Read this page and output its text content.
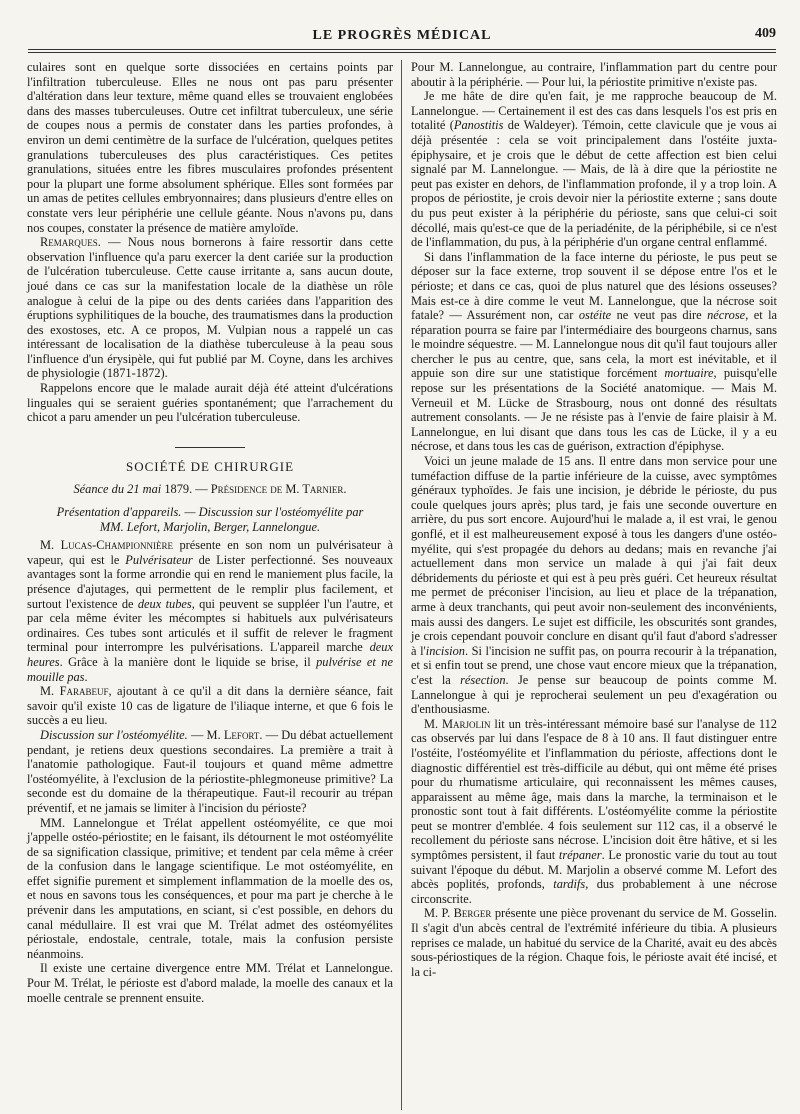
LE PROGRÈS MÉDICAL	409

culaires sont en quelque sorte dissociées en certains points par l'infiltration tuberculeuse. Elles ne nous ont pas paru présenter d'altération dans leur texture, même quand elles se trouvaient englobées dans des masses tuberculeuses. Outre cet infiltrat tuberculeux, une série de coupes nous a permis de constater dans les parties profondes, à environ un demi centimètre de la surface de l'ulcération, quelques petites granulations tuberculeuses des plus caractéristiques. Ces petites granulations, situées entre les fibres musculaires profondes présentent pour la plupart une forme absolument sphérique. Elles sont formées par un amas de petites cellules embryonnaires; dans plusieurs d'entre elles on constate vers leur périphérie une cellule géante. Nous n'avons pu, dans nos coupes, constater la présence de matière amyloïde.

Remarques. — Nous nous bornerons à faire ressortir dans cette observation l'influence qu'a paru exercer la dent cariée sur la production de l'ulcération tuberculeuse. Cette cause irritante a, sans aucun doute, joué dans ce cas sur la manifestation locale de la diathèse un rôle analogue à celui de la pipe ou des dents cariées dans l'apparition des éruptions syphilitiques de la bouche, des traumatismes dans la production des exostoses, etc. A ce propos, M. Vulpian nous a rappelé un cas intéressant de localisation de la diathèse tuberculeuse à la peau sous l'influence d'un érysipèle, qui fut publié par M. Coyne, dans les archives de physiologie (1871-1872).

Rappelons encore que le malade aurait déjà été atteint d'ulcérations linguales qui se seraient guéries spontanément; que l'arrachement du chicot a paru amender un peu l'ulcération tuberculeuse.

SOCIÉTÉ DE CHIRURGIE
Séance du 21 mai 1879. — Présidence de M. Tarnier.
Présentation d'appareils. — Discussion sur l'ostéomyélite par
MM. Lefort, Marjolin, Berger, Lannelongue.

M. Lucas-Championnière présente en son nom un pulvérisateur à vapeur, qui est le Pulvérisateur de Lister perfectionné. Ses nouveaux avantages sont la forme arrondie qui en rend le maniement plus facile, la présence d'ajutages, qui permettent de le remplir plus facilement, et surtout l'existence de deux tubes, qui peuvent se suppléer l'un l'autre, et par cela même éviter les mécomptes si habituels aux pulvérisateurs ordinaires. Ces tubes sont articulés et il suffit de relever le fragment terminal pour interrompre les pulvérisations. L'appareil marche deux heures. Grâce à la manière dont le liquide se brise, il pulvérise et ne mouille pas.

M. Farabeuf, ajoutant à ce qu'il a dit dans la dernière séance, fait savoir qu'il existe 10 cas de ligature de l'iliaque interne, et que 6 fois le succès a eu lieu.

Discussion sur l'ostéomyélite. — M. Lefort. — Du débat actuellement pendant, je retiens deux questions secondaires. La première a trait à l'anatomie pathologique. Faut-il toujours et quand même admettre l'ostéomyélite, à l'exclusion de la périostite-phlegmoneuse primitive? La seconde est du domaine de la thérapeutique. Faut-il recourir au trépan préventif, et ne jamais se limiter à l'incision du périoste?

MM. Lannelongue et Trélat appellent ostéomyélite, ce que moi j'appelle ostéo-périostite; en le faisant, ils détournent le mot ostéomyélite de sa signification classique, primitive; et tendent par cela même à créer de la confusion dans le langage scientifique. Le mot ostéomyélite, en effet signifie purement et simplement inflammation de la moelle des os, et nous en savons tous les conséquences, et pour ma part je cherche à le prévenir dans les amputations, en sciant, si c'est possible, en dehors du canal médullaire. Il est vrai que M. Trélat admet des ostéomyélites périostale, endostale, centrale, totale, mais la confusion persiste néanmoins.

Il existe une certaine divergence entre MM. Trélat et Lannelongue. Pour M. Trélat, le périoste est d'abord malade, la moelle des canaux et la moelle centrale se prennent ensuite.

Pour M. Lannelongue, au contraire, l'inflammation part du centre pour aboutir à la périphérie. — Pour lui, la périostite primitive n'existe pas.

Je me hâte de dire qu'en fait, je me rapproche beaucoup de M. Lannelongue. — Certainement il est des cas dans lesquels l'os est pris en totalité (Panostitis de Waldeyer). Témoin, cette clavicule que je vous ai déjà présentée : cela se voit principalement dans l'ostéite juxta-épiphysaire, et je crois que le début de cette affection est bien celui signalé par M. Lannelongue. — Mais, de là à dire que la périostite ne peut pas exister en dehors, de l'inflammation profonde, il y a trop loin. A propos de périostite, je crois devoir nier la périostite externe ; sans doute du pus peut exister à la périphérie du périoste, sans que celui-ci soit décollé, mais qu'est-ce que de la periadénite, de la périphébile, si ce n'est de l'inflammation, du pus, à la périphérie d'un organe central enflammé.

Si dans l'inflammation de la face interne du périoste, le pus peut se déposer sur la face externe, trop souvent il se dépose entre l'os et le périoste; et dans ce cas, quoi de plus naturel que des lésions osseuses? Mais est-ce à dire comme le veut M. Lannelongue, que la nécrose soit fatale? — Assurément non, car ostéite ne veut pas dire nécrose, et la réparation pourra se faire par l'intermédiaire des bourgeons charnus, sans le moindre séquestre. — M. Lannelongue nous dit qu'il faut toujours aller chercher le pus au centre, que, sans cela, la mort est inévitable, et il appuie son dire sur une statistique forcément mortuaire, puisqu'elle repose sur les présentations de la Société anatomique. — Mais M. Verneuil et M. Lücke de Strasbourg, nous ont donné des résultats autrement consolants. — Je ne résiste pas à l'envie de faire plaisir à M. Lannelongue, en lui disant que dans tous les cas de Lücke, il y a eu nécrose, et dans tous les cas de guérison, extraction d'épiphyse.

Voici un jeune malade de 15 ans. Il entre dans mon service pour une tuméfaction diffuse de la partie inférieure de la cuisse, avec symptômes généraux typhoïdes. Je fais une incision, je débride le périoste, du pus coule quelques jours après; plus tard, je fais une seconde ouverture en arrière, du pus sort encore. Aujourd'hui le malade a, il est vrai, le genou gonflé, et il est malheureusement exposé à tous les dangers d'une ostéo-myélite, qui s'est propagée du dehors au dedans; mais en revanche j'ai actuellement dans mon service un malade à qui j'ai fait deux débridements du périoste et qui est à peu près guéri. Cet heureux résultat me permet de préconiser l'incision, au lieu et place de la trépanation, arme à deux tranchants, qui peut avoir non-seulement des inconvénients, mais aussi des dangers. Le sujet est difficile, les obscurités sont grandes, je crois cependant pouvoir conclure en disant qu'il faut d'abord s'adresser à l'incision. Si l'incision ne suffit pas, on pourra recourir à la trépanation, et si enfin tout se prend, une chose vaut encore mieux que la trépanation, c'est la résection. Je pense sur beaucoup de points comme M. Lannelongue à qui je reprocherai seulement un peu d'exagération ou d'enthousiasme.

M. Marjolin lit un très-intéressant mémoire basé sur l'analyse de 112 cas observés par lui dans l'espace de 8 à 10 ans. Il faut distinguer entre l'ostéite, l'ostéomyélite et l'inflammation du périoste, affections dont le diagnostic différentiel est très-difficile au début, qui ont même été prises pour du rhumatisme articulaire, qui reconnaissent les mêmes causes, apparaissent au même âge, mais dans la marche, la terminaison et le pronostic sont tout à fait différents. L'ostéomyélite comme la périostite peut se montrer d'emblée. 4 fois seulement sur 112 cas, il a observé le recollement du périoste sans nécrose. L'incision doit être hâtive, et si les symptômes persistent, il faut trépaner. Le pronostic varie du tout au tout suivant l'époque du début. M. Marjolin a observé comme M. Lefort des abcès poplités, profonds, tardifs, dus probablement à une nécrose circonscrite.

M. P. Berger présente une pièce provenant du service de M. Gosselin. Il s'agit d'un abcès central de l'extrémité inférieure du tibia. A plusieurs reprises ce malade, un habitué du service de la Charité, avait eu des abcès sous-périostiques de la région. Chaque fois, le périoste avait été incisé, et la ci-
